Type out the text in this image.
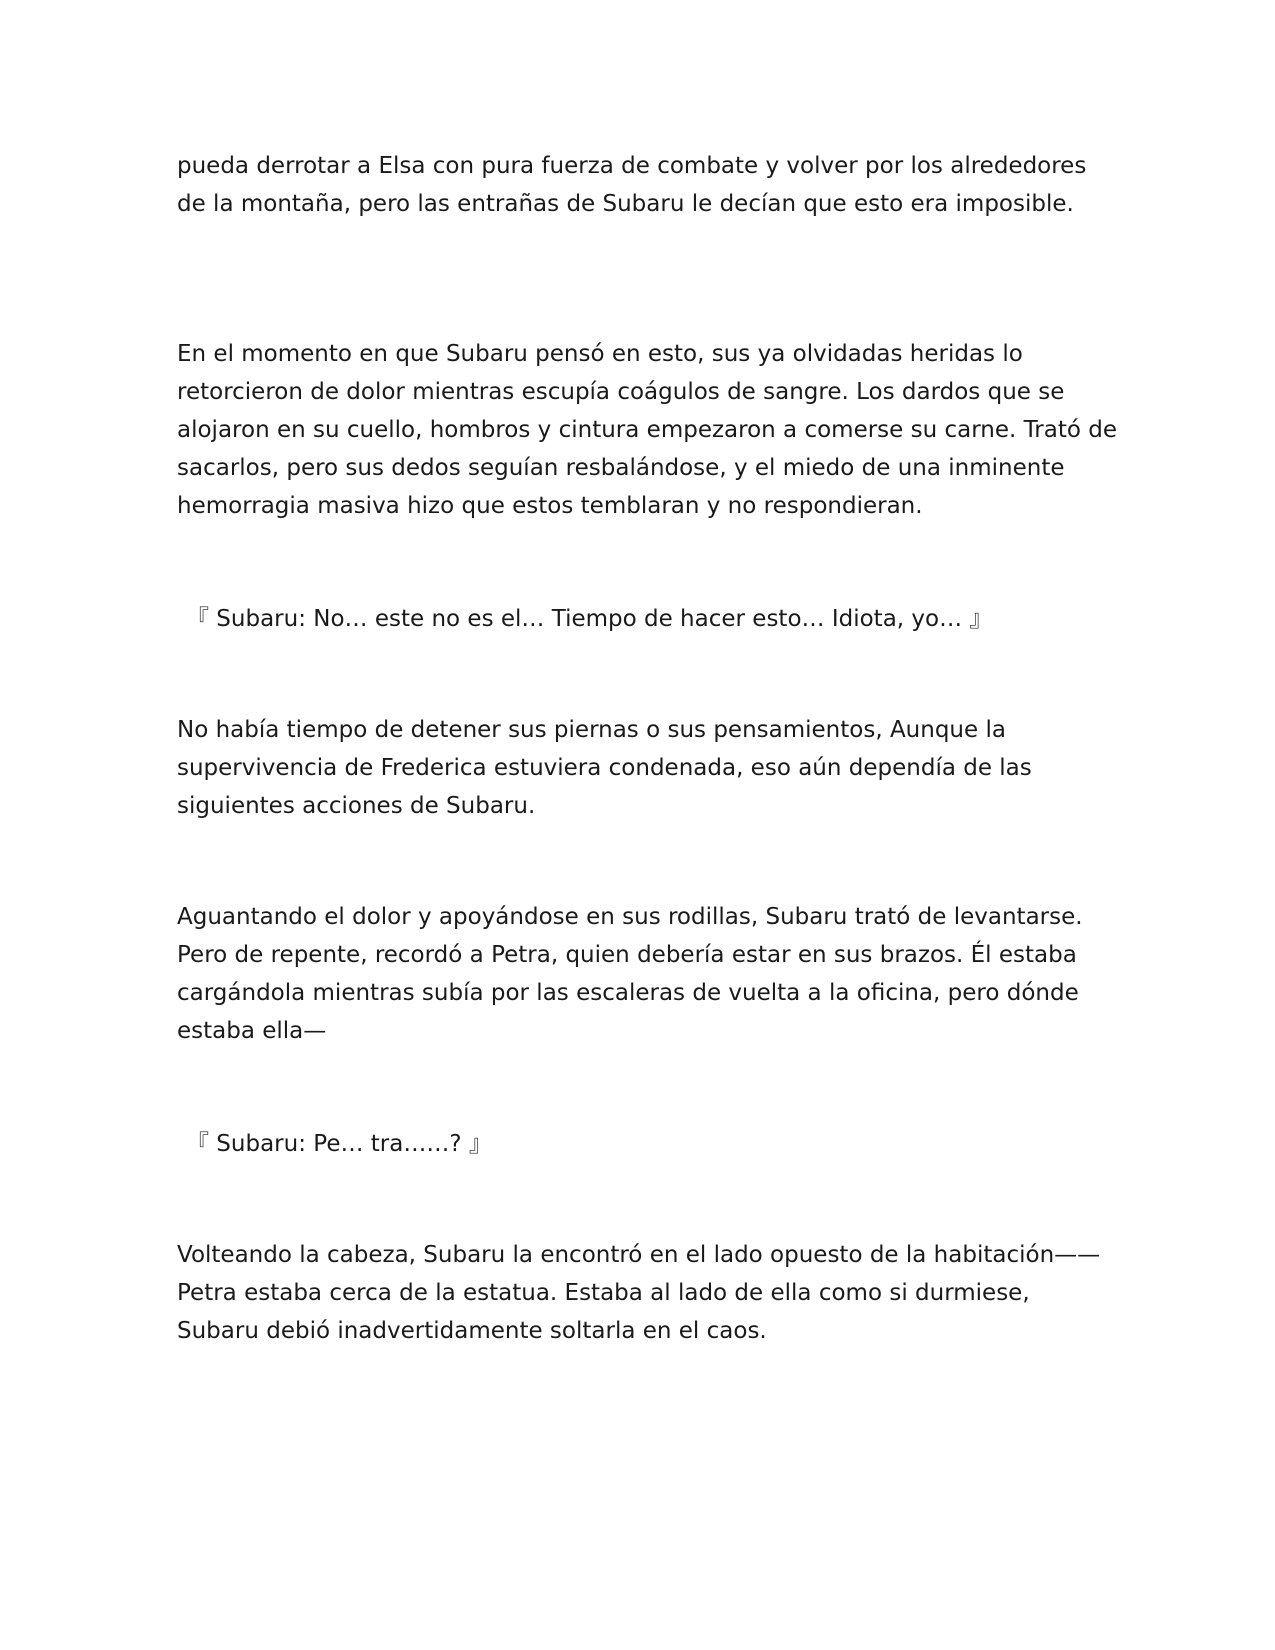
pueda derrotar a Elsa con pura fuerza de combate y volver por los alrededores de la montaña, pero las entrañas de Subaru le decían que esto era imposible.

En el momento en que Subaru pensó en esto, sus ya olvidadas heridas lo retorcieron de dolor mientras escupía coágulos de sangre. Los dardos que se alojaron en su cuello, hombros y cintura empezaron a comerse su carne. Trató de sacarlos, pero sus dedos seguían resbalándose, y el miedo de una inminente hemorragia masiva hizo que estos temblaran y no respondieran.

『 Subaru: No… este no es el… Tiempo de hacer esto… Idiota, yo… 』

No había tiempo de detener sus piernas o sus pensamientos, Aunque la supervivencia de Frederica estuviera condenada, eso aún dependía de las siguientes acciones de Subaru.

Aguantando el dolor y apoyándose en sus rodillas, Subaru trató de levantarse. Pero de repente, recordó a Petra, quien debería estar en sus brazos. Él estaba cargándola mientras subía por las escaleras de vuelta a la oficina, pero dónde estaba ella—

『 Subaru: Pe… tra……? 』

Volteando la cabeza, Subaru la encontró en el lado opuesto de la habitación—— Petra estaba cerca de la estatua. Estaba al lado de ella como si durmiese, Subaru debió inadvertidamente soltarla en el caos.
